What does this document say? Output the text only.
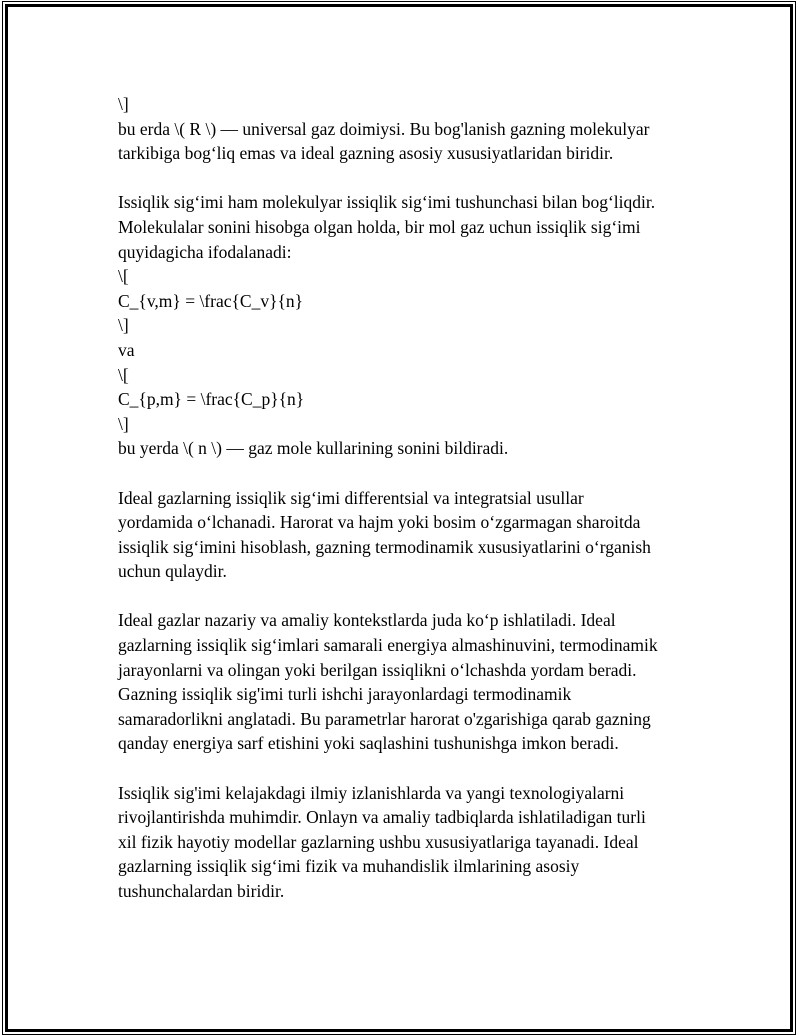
\]
bu erda \( R \) — universal gaz doimiysi. Bu bog'lanish gazning molekulyar
tarkibiga bog‘liq emas va ideal gazning asosiy xususiyatlaridan biridir.
Issiqlik sig‘imi ham molekulyar issiqlik sig‘imi tushunchasi bilan bog‘liqdir.
Molekulalar sonini hisobga olgan holda, bir mol gaz uchun issiqlik sig‘imi
quyidagicha ifodalanadi:
\[
C_{v,m} = \frac{C_v}{n}
\]
va
\[
C_{p,m} = \frac{C_p}{n}
\]
bu yerda \( n \) — gaz mole kullarining sonini bildiradi.
Ideal gazlarning issiqlik sig‘imi differentsial va integratsial usullar
yordamida o‘lchanadi. Harorat va hajm yoki bosim o‘zgarmagan sharoitda
issiqlik sig‘imini hisoblash, gazning termodinamik xususiyatlarini o‘rganish
uchun qulaydir.
Ideal gazlar nazariy va amaliy kontekstlarda juda ko‘p ishlatiladi. Ideal
gazlarning issiqlik sig‘imlari samarali energiya almashinuvini, termodinamik
jarayonlarni va olingan yoki berilgan issiqlikni o‘lchashda yordam beradi.
Gazning issiqlik sig'imi turli ishchi jarayonlardagi termodinamik
samaradorlikni anglatadi. Bu parametrlar harorat o'zgarishiga qarab gazning
qanday energiya sarf etishini yoki saqlashini tushunishga imkon beradi.
Issiqlik sig'imi kelajakdagi ilmiy izlanishlarda va yangi texnologiyalarni
rivojlantirishda muhimdir. Onlayn va amaliy tadbiqlarda ishlatiladigan turli
xil fizik hayotiy modellar gazlarning ushbu xususiyatlariga tayanadi. Ideal
gazlarning issiqlik sig‘imi fizik va muhandislik ilmlarining asosiy
tushunchalardan biridir.
